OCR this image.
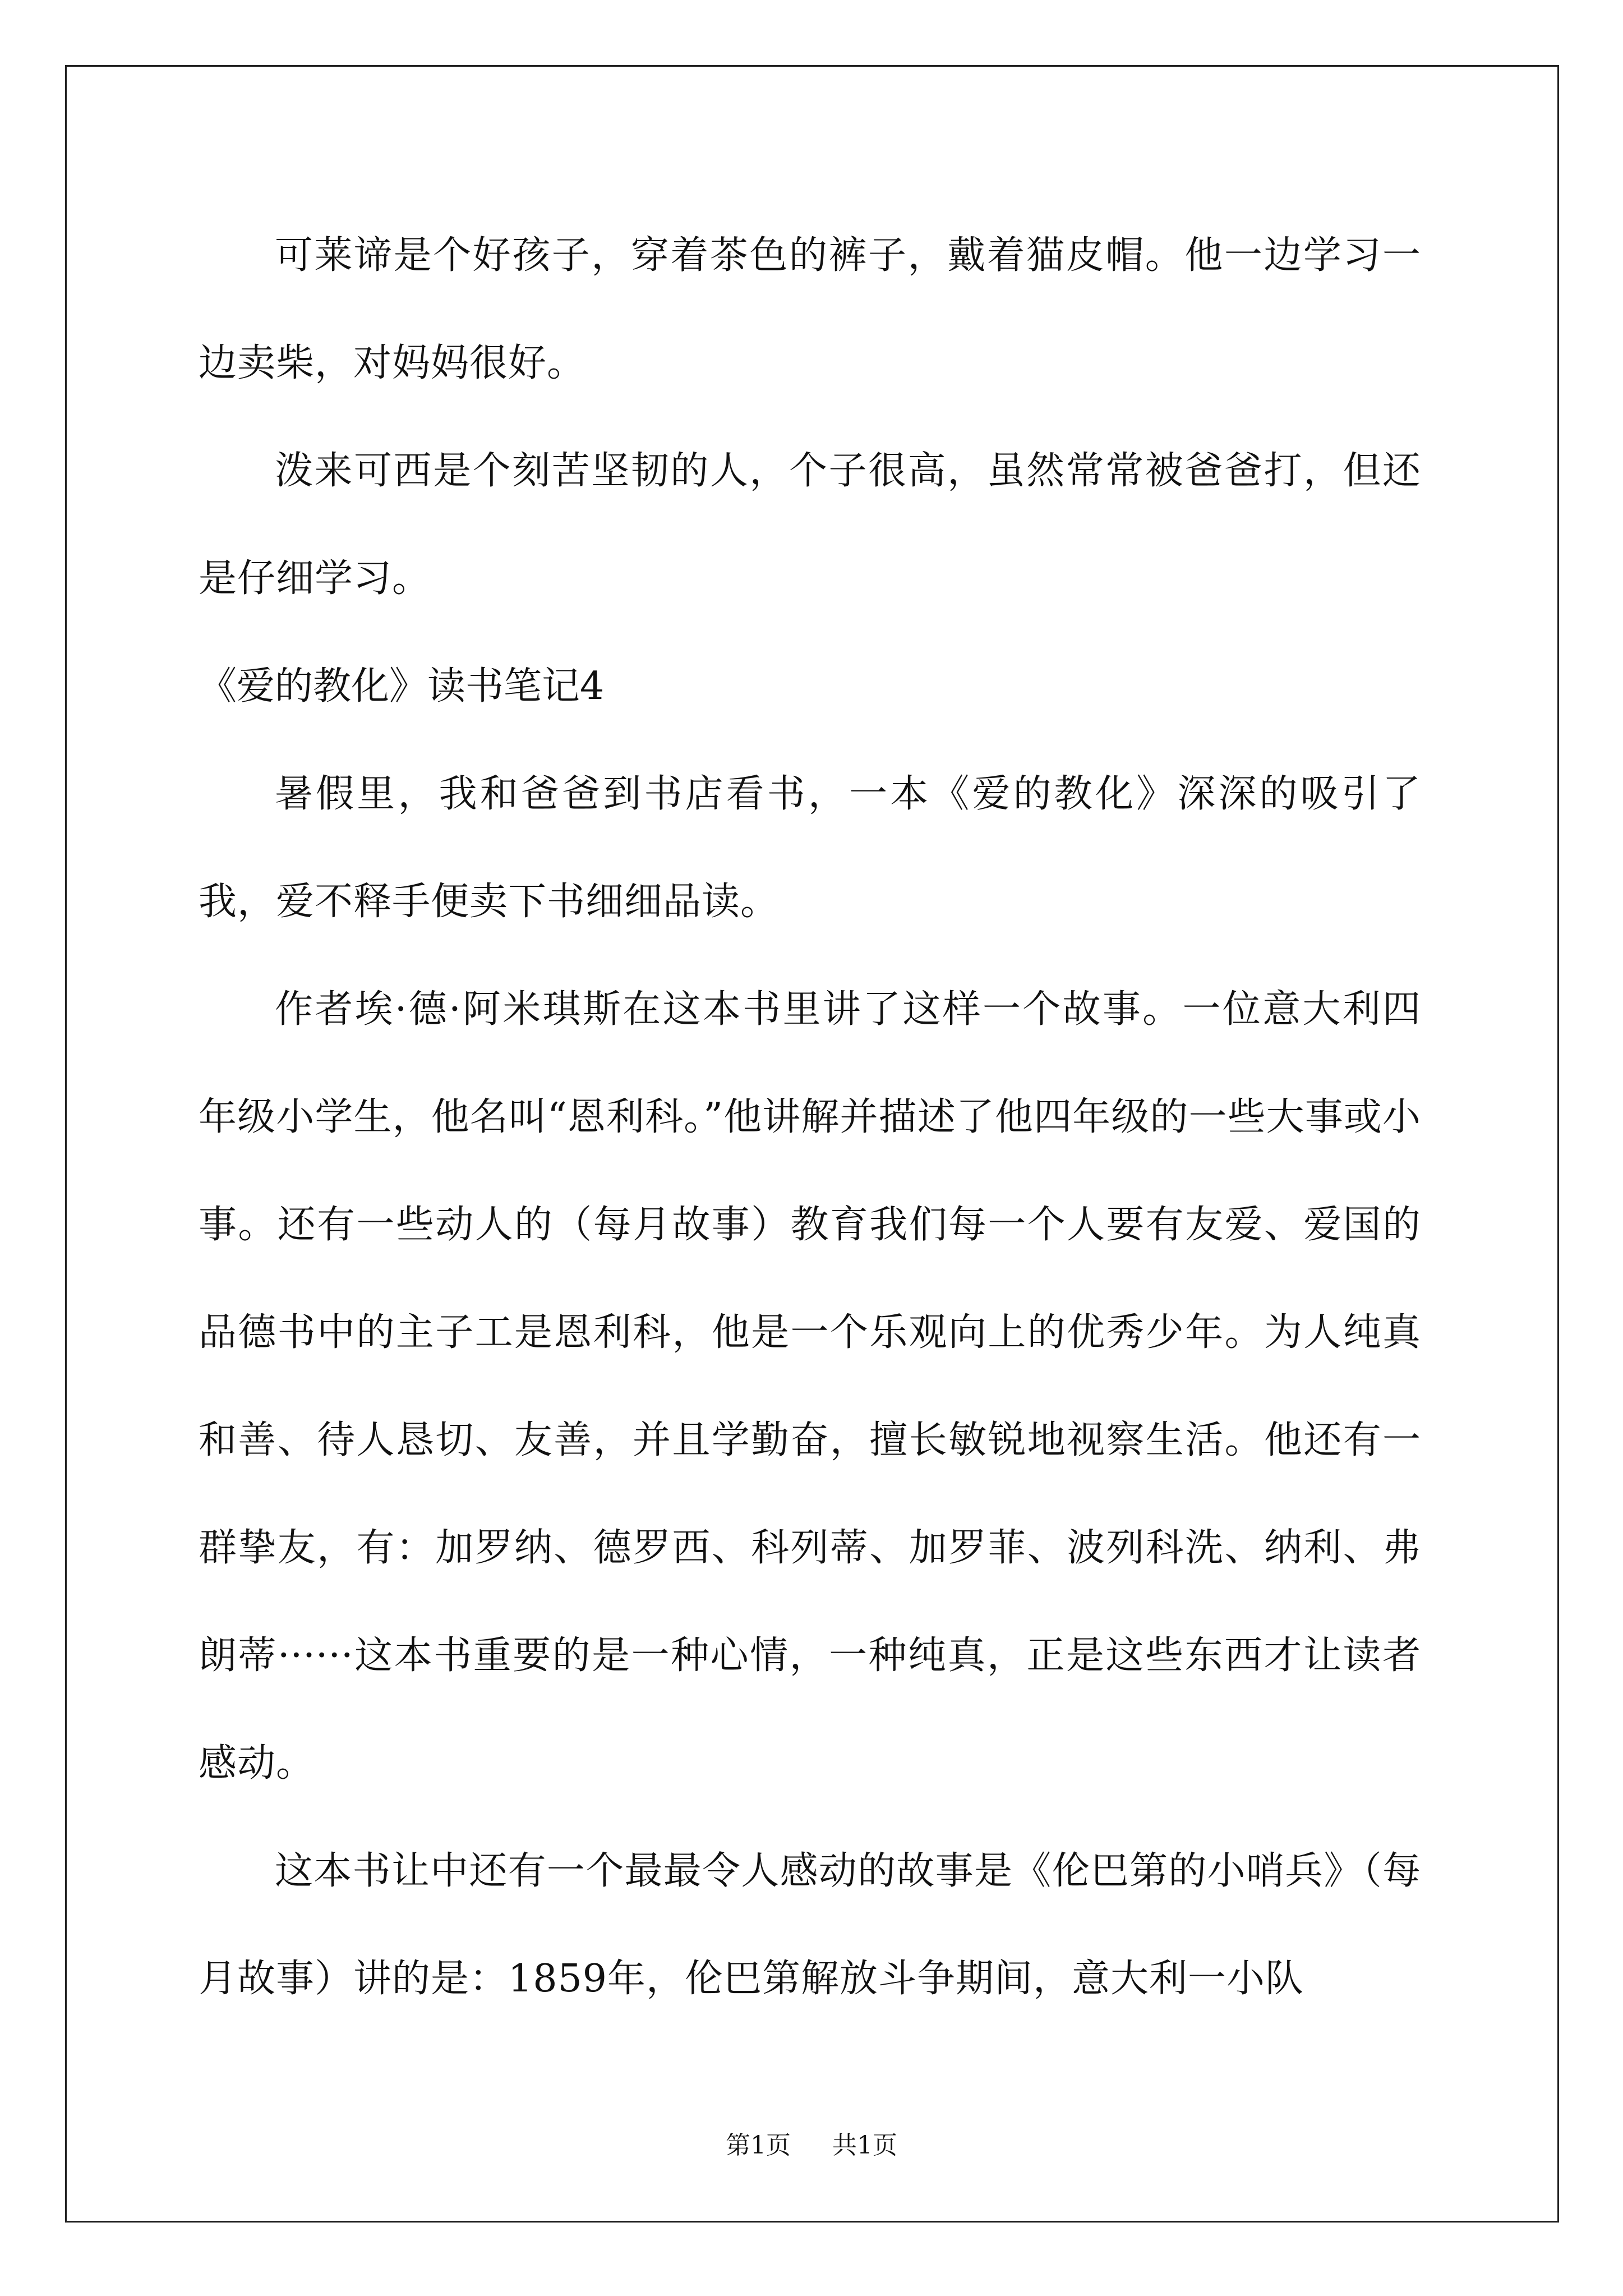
可莱谛是个好孩子，穿着茶色的裤子，戴着猫皮帽。他一边学习一边卖柴，对妈妈很好。

泼来可西是个刻苦坚韧的人，个子很高，虽然常常被爸爸打，但还是仔细学习。

《爱的教化》读书笔记4

暑假里，我和爸爸到书店看书，一本《爱的教化》深深的吸引了我，爱不释手便卖下书细细品读。

作者埃·德·阿米琪斯在这本书里讲了这样一个故事。一位意大利四年级小学生，他名叫“恩利科。”他讲解并描述了他四年级的一些大事或小事。还有一些动人的（每月故事）教育我们每一个人要有友爱、爱国的品德书中的主子工是恩利科，他是一个乐观向上的优秀少年。为人纯真和善、待人恳切、友善，并且学勤奋，擅长敏锐地视察生活。他还有一群挚友，有：加罗纳、德罗西、科列蒂、加罗菲、波列科洗、纳利、弗朗蒂······这本书重要的是一种心情，一种纯真，正是这些东西才让读者感动。

这本书让中还有一个最最令人感动的故事是《伦巴第的小哨兵》（每月故事）讲的是：1859年，伦巴第解放斗争期间，意大利一小队

第1页 共1页
